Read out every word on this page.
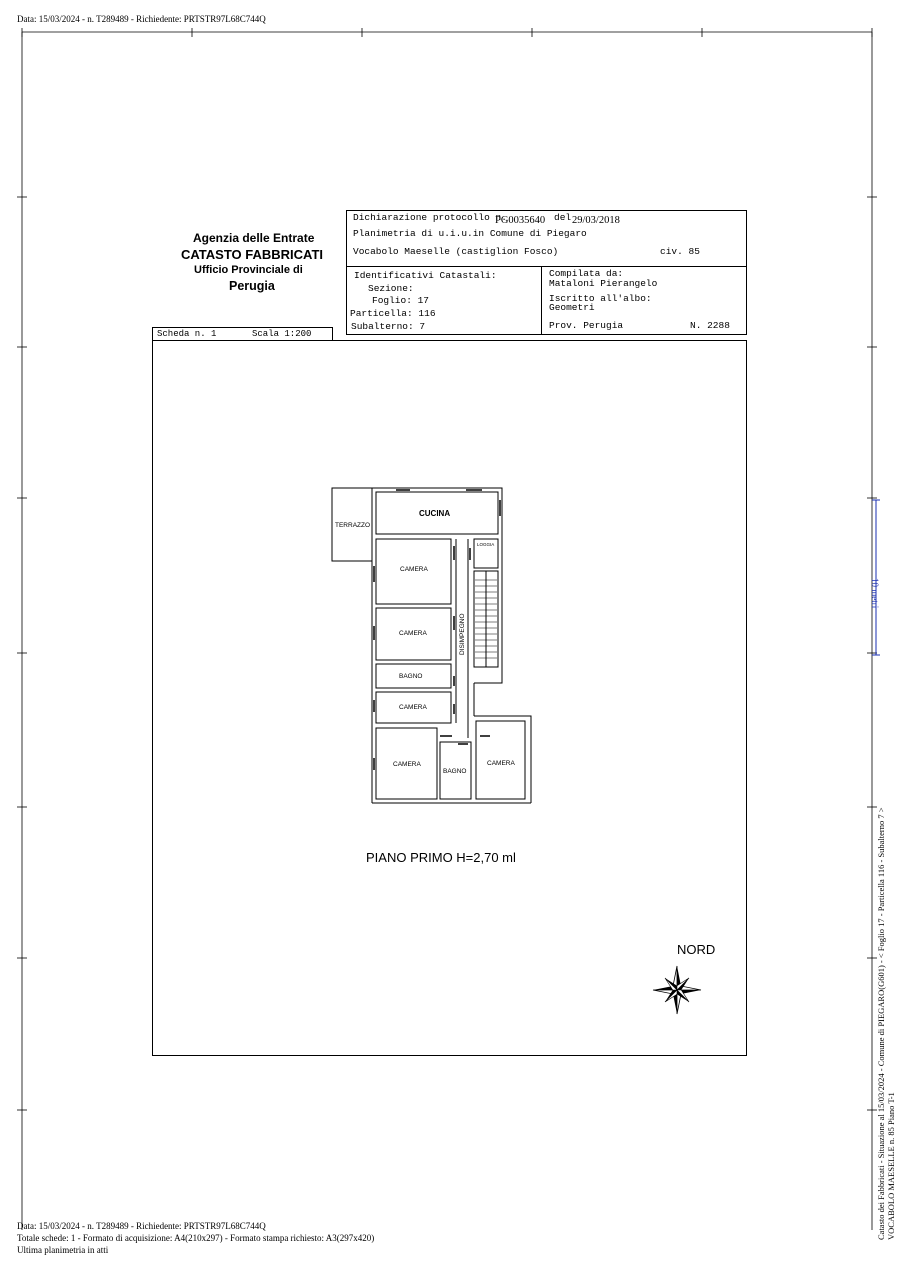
Data: 15/03/2024 - n. T289489 - Richiedente: PRTSTR97L68C744Q
10 metri
Agenzia delle Entrate
CATASTO FABBRICATI
Ufficio Provinciale di
Perugia
Dichiarazione protocollo n.
PG0035640 del 29/03/2018
Planimetria di u.i.u.in Comune di Piegaro
Vocabolo Maeselle (castiglion Fosco)	civ. 85
Identificativi Catastali:
Sezione:
Foglio: 17
Particella: 116
Subalterno: 7
Compilata da:
Mataloni Pierangelo
Iscritto all'albo:
Geometri
Prov. Perugia	N. 2288
Scheda n. 1	Scala 1:200
TERRAZZO
CUCINA
LOGGIA
CAMERA
CAMERA
BAGNO
CAMERA
CAMERA
BAGNO
CAMERA
DISIMPEGNO
PIANO PRIMO H=2,70 ml
NORD	Catasto dei Fabbricati - Situazione al 15/03/2024 - Comune di PIEGARO(G601) - < Foglio 17 - Particella 116 - Subalterno 7 > VOCABOLO MAESELLE n. 85 Piano T-1
Data: 15/03/2024 - n. T289489 - Richiedente: PRTSTR97L68C744Q
Totale schede: 1 - Formato di acquisizione: A4(210x297) - Formato stampa richiesto: A3(297x420)
Ultima planimetria in atti
